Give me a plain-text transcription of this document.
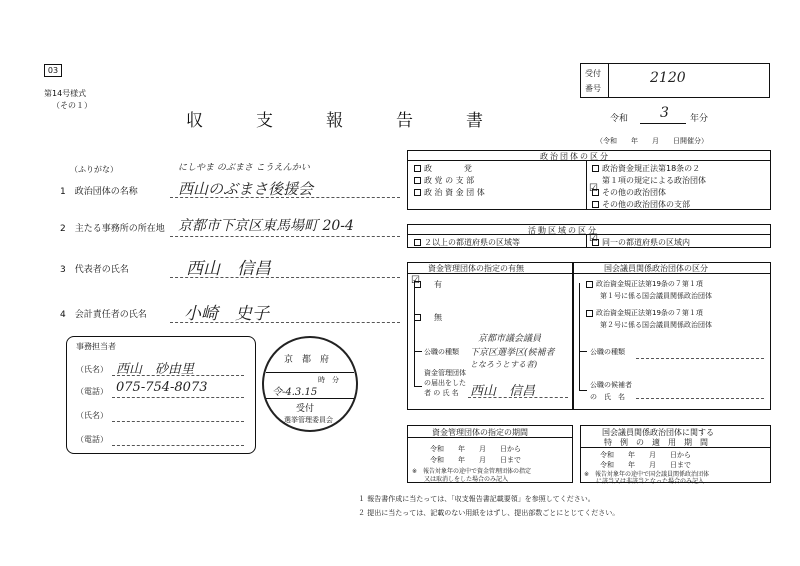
03
第14号様式
（その１）
収	支	報	告	書
受付
番号
2120
令和 3 年分
（令和　　年　　月　　日開催分）
（ふりがな）	にしやま のぶまさ こうえんかい
1　政治団体の名称	西山のぶまさ後援会
2　主たる事務所の所在地 京都市下京区東馬場町 20-4
3　代表者の氏名	西山　信昌
4　会計責任者の氏名 小崎　史子
事務担当者
（氏名） 西山　砂由里
（電話） 075-754-8073
（氏名）
（電話）
京　都　府
時　分
令-4.3.15
受付
選挙管理委員会
政治団体の区分
政　　　　党
政 党 の 支 部
政 治 資 金 団 体
政治資金規正法第18条の２
第１項の規定による政治団体
その他の政治団体
☑
その他の政治団体の支部
活動区域の区分
２以上の都道府県の区域等	同一の都道府県の区域内
☑
資金管理団体の指定の有無
有
☑
無
公職の種類
京都市議会議員
下京区選挙区(候補者
となろうとする者)
資金管理団体
の届出をした
者 の 氏 名 西山　信昌
国会議員関係政治団体の区分
政治資金規正法第19条の７第１項
第１号に係る国会議員関係政治団体
政治資金規正法第19条の７第１項
第２号に係る国会議員関係政治団体
公職の種類
公職の候補者
の　氏　名
資金管理団体の指定の期間
令和　　年　　月　　日から
令和　　年　　月　　日まで
※　報告対象年の途中で資金管理団体の指定
又は取消しをした場合のみ記入
国会議員関係政治団体に関する
特　例　の　適　用　期　間
令和　　年　　月　　日から
令和　　年　　月　　日まで
※　報告対象年の途中で国会議員関係政治団体
に該当又は非該当となった場合のみ記入
１ 報告書作成に当たっては、「収支報告書記載要領」を参照してください。
２ 提出に当たっては、記載のない用紙をはずし、提出部数ごとにとじてください。
